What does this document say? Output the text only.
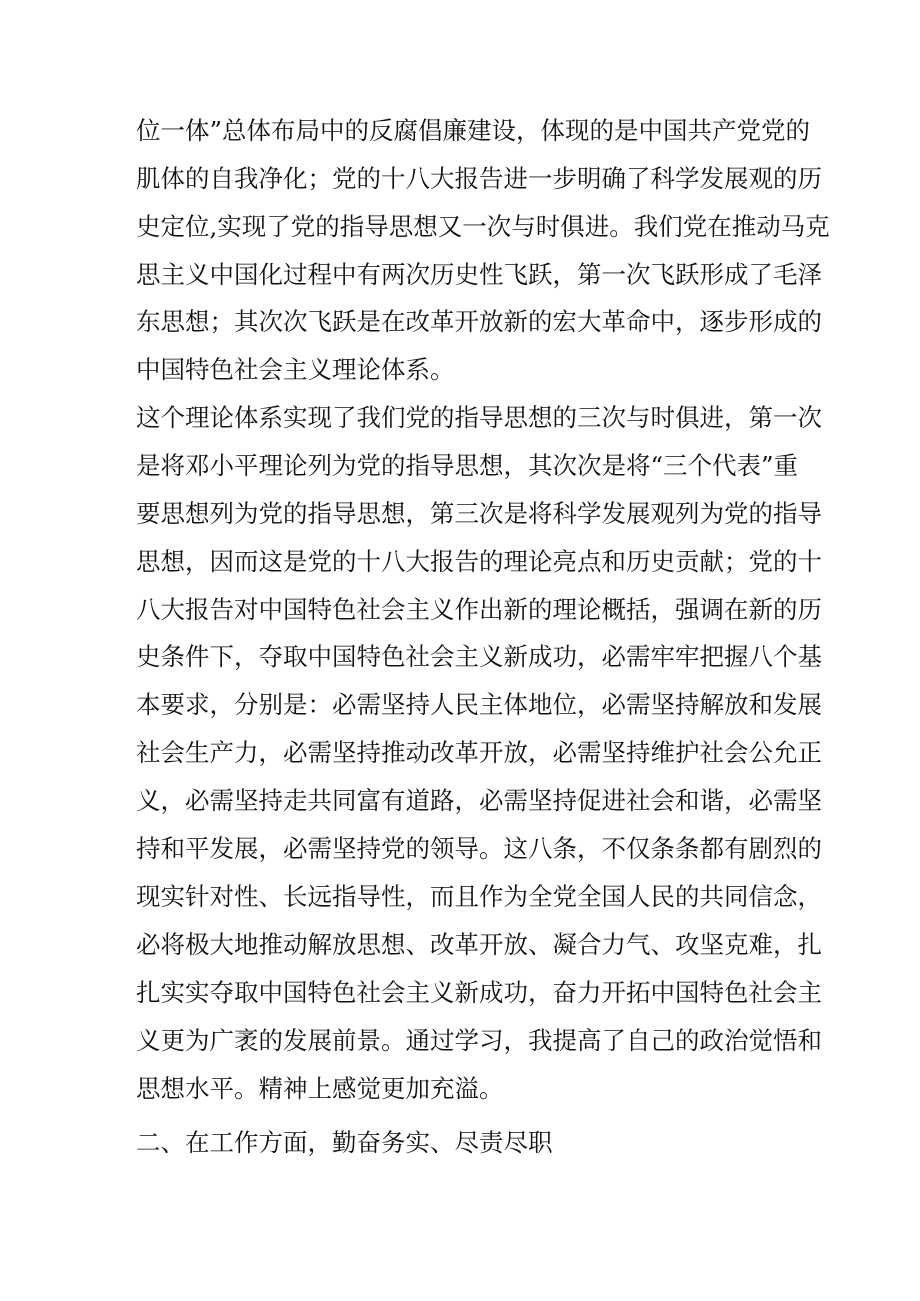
位一体”总体布局中的反腐倡廉建设，体现的是中国共产党党的
肌体的自我净化；党的十八大报告进一步明确了科学发展观的历
史定位,实现了党的指导思想又一次与时俱进。我们党在推动马克
思主义中国化过程中有两次历史性飞跃，第一次飞跃形成了毛泽
东思想；其次次飞跃是在改革开放新的宏大革命中，逐步形成的
中国特色社会主义理论体系。
这个理论体系实现了我们党的指导思想的三次与时俱进，第一次
是将邓小平理论列为党的指导思想，其次次是将“三个代表”重
要思想列为党的指导思想，第三次是将科学发展观列为党的指导
思想，因而这是党的十八大报告的理论亮点和历史贡献；党的十
八大报告对中国特色社会主义作出新的理论概括，强调在新的历
史条件下，夺取中国特色社会主义新成功，必需牢牢把握八个基
本要求，分别是：必需坚持人民主体地位，必需坚持解放和发展
社会生产力，必需坚持推动改革开放，必需坚持维护社会公允正
义，必需坚持走共同富有道路，必需坚持促进社会和谐，必需坚
持和平发展，必需坚持党的领导。这八条，不仅条条都有剧烈的
现实针对性、长远指导性，而且作为全党全国人民的共同信念，
必将极大地推动解放思想、改革开放、凝合力气、攻坚克难，扎
扎实实夺取中国特色社会主义新成功，奋力开拓中国特色社会主
义更为广袤的发展前景。通过学习，我提高了自己的政治觉悟和
思想水平。精神上感觉更加充溢。
二、在工作方面，勤奋务实、尽责尽职
